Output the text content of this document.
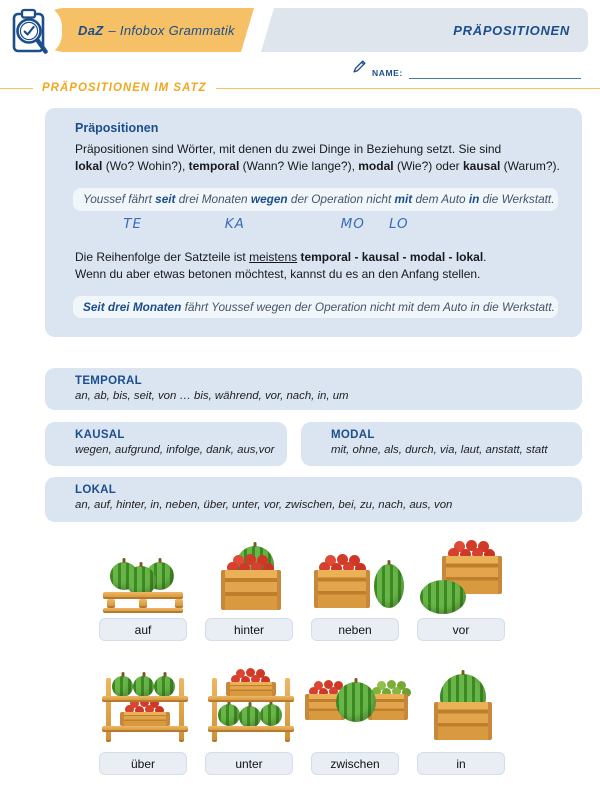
DaZ – Infobox Grammatik	PRÄPOSITIONEN
NAME:
PRÄPOSITIONEN IM SATZ
Präpositionen
Präpositionen sind Wörter, mit denen du zwei Dinge in Beziehung setzt. Sie sind
lokal (Wo? Wohin?), temporal (Wann? Wie lange?), modal (Wie?) oder kausal (Warum?).
Youssef fährt seit drei Monaten wegen der Operation nicht mit dem Auto in die Werkstatt.
TE	KA	MO LO
Die Reihenfolge der Satzteile ist meistens temporal - kausal - modal - lokal.
Wenn du aber etwas betonen möchtest, kannst du es an den Anfang stellen.
Seit drei Monaten fährt Youssef wegen der Operation nicht mit dem Auto in die Werkstatt.
TEMPORAL
an, ab, bis, seit, von … bis, während, vor, nach, in, um
KAUSAL
wegen, aufgrund, infolge, dank, aus,vor
MODAL
mit, ohne, als, durch, via, laut, anstatt, statt
LOKAL
an, auf, hinter, in, neben, über, unter, vor, zwischen, bei, zu, nach, aus, von
auf	hinter	neben	vor
über	unter	zwischen	in
